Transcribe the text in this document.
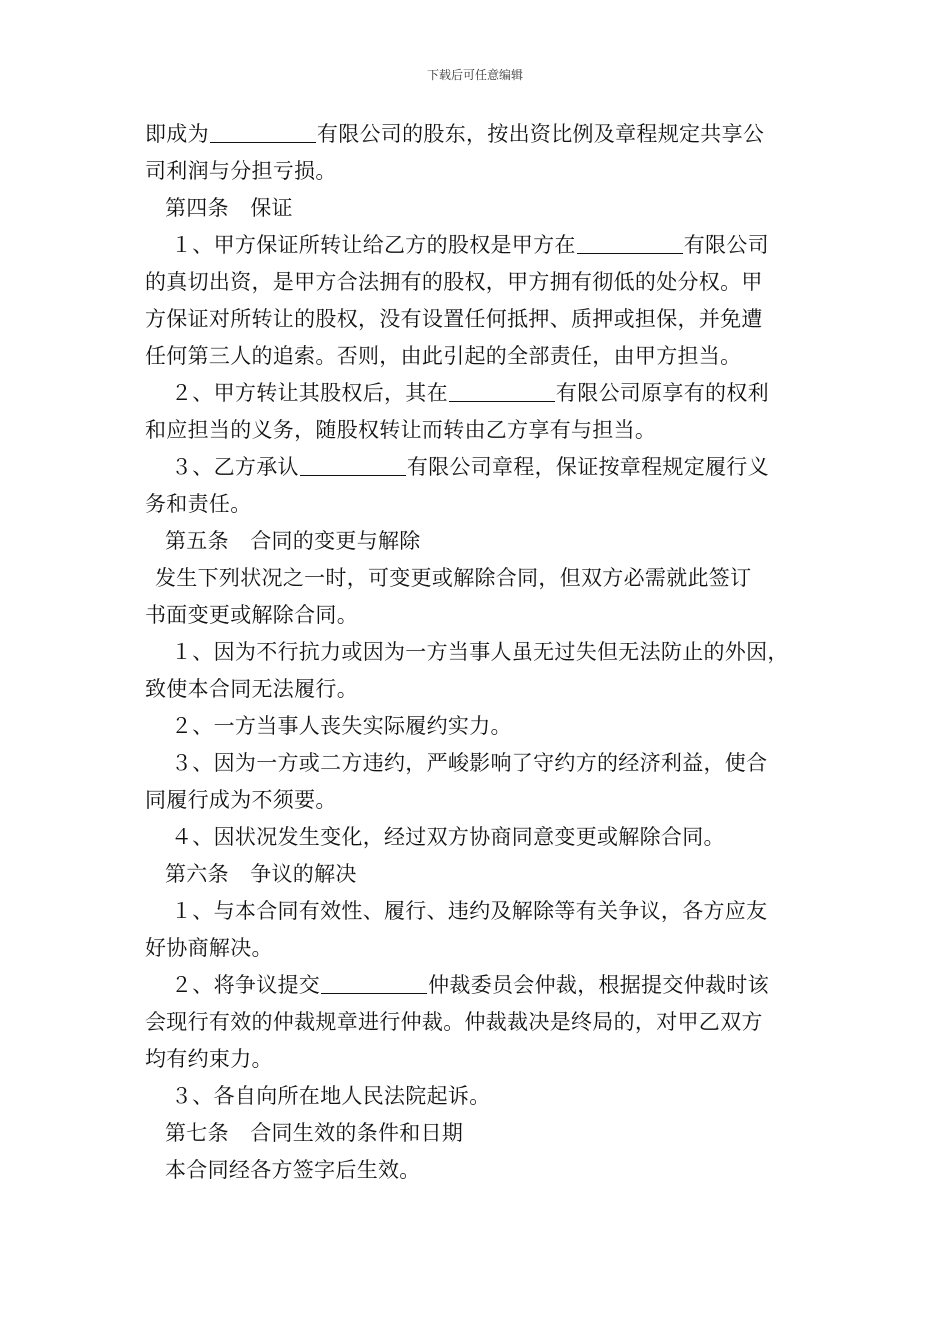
下载后可任意编辑
即成为	有限公司的股东，按出资比例及章程规定共享公
司利润与分担亏损。
第四条　保证
１、甲方保证所转让给乙方的股权是甲方在	有限公司
的真切出资，是甲方合法拥有的股权，甲方拥有彻低的处分权。甲
方保证对所转让的股权，没有设置任何抵押、质押或担保，并免遭
任何第三人的追索。否则，由此引起的全部责任，由甲方担当。
２、甲方转让其股权后，其在	有限公司原享有的权利
和应担当的义务，随股权转让而转由乙方享有与担当。
３、乙方承认	有限公司章程，保证按章程规定履行义
务和责任。
第五条　合同的变更与解除
发生下列状况之一时，可变更或解除合同，但双方必需就此签订
书面变更或解除合同。
１、因为不行抗力或因为一方当事人虽无过失但无法防止的外因，
致使本合同无法履行。
２、一方当事人丧失实际履约实力。
３、因为一方或二方违约，严峻影响了守约方的经济利益，使合
同履行成为不须要。
４、因状况发生变化，经过双方协商同意变更或解除合同。
第六条　争议的解决
１、与本合同有效性、履行、违约及解除等有关争议，各方应友
好协商解决。
２、将争议提交	仲裁委员会仲裁，根据提交仲裁时该
会现行有效的仲裁规章进行仲裁。仲裁裁决是终局的，对甲乙双方
均有约束力。
３、各自向所在地人民法院起诉。
第七条　合同生效的条件和日期
本合同经各方签字后生效。
